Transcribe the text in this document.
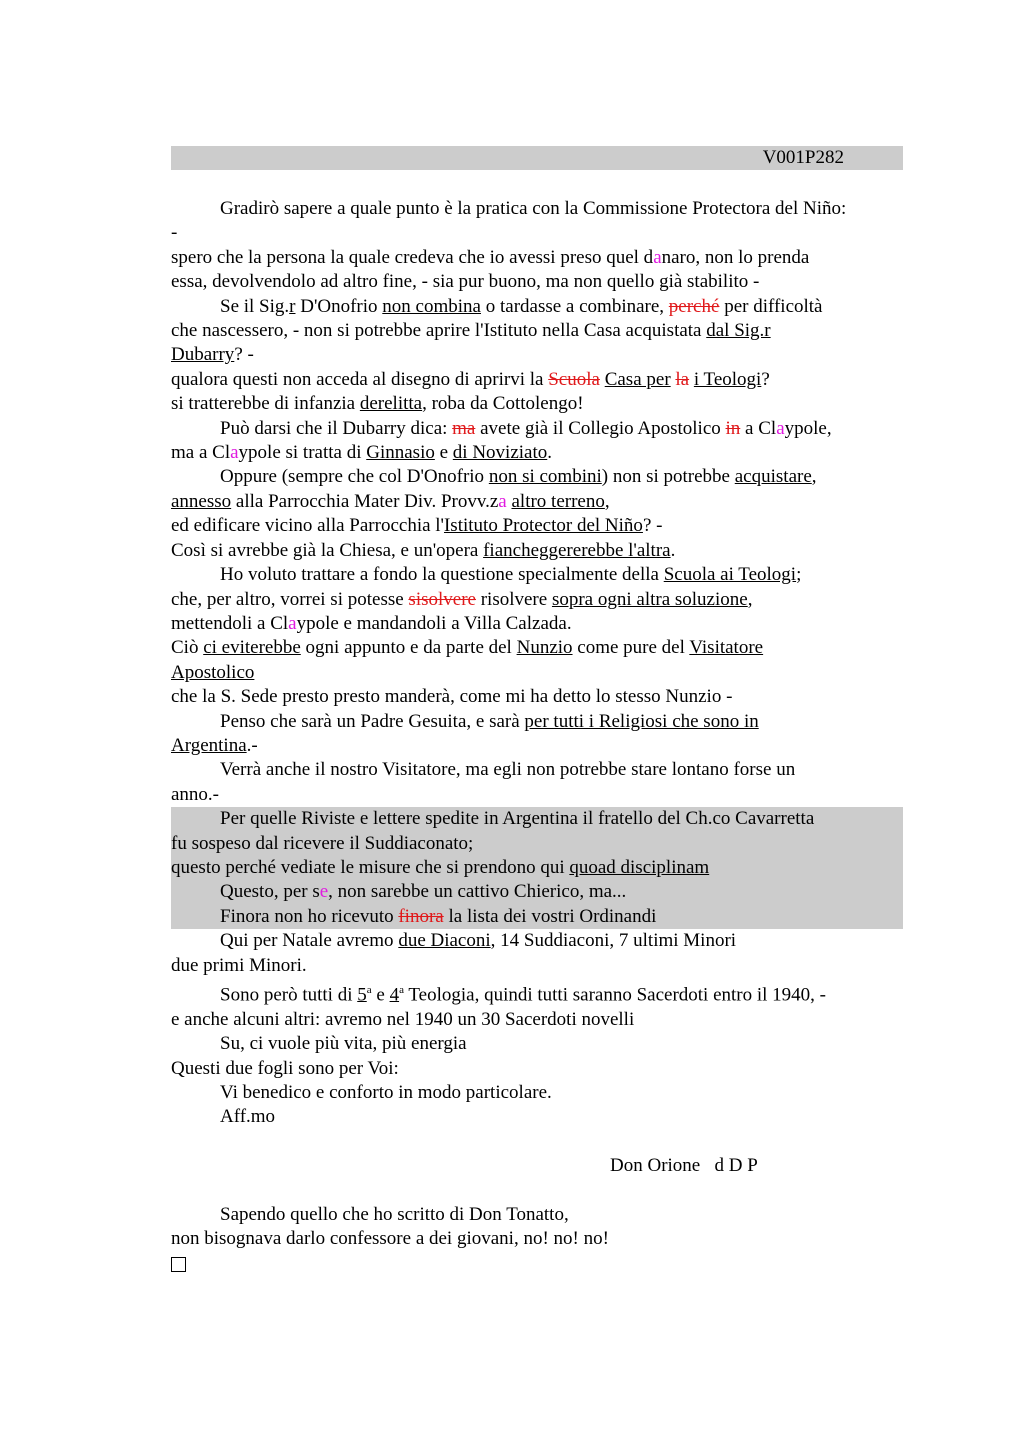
V001P282

Gradirò sapere a quale punto è la pratica con la Commissione Protectora del Niño:

-

spero che la persona la quale credeva che io avessi preso quel danaro, non lo prenda

essa, devolvendolo ad altro fine, - sia pur buono, ma non quello già stabilito -

Se il Sig.r D'Onofrio non combina o tardasse a combinare, perché per difficoltà

che nascessero, - non si potrebbe aprire l'Istituto nella Casa acquistata dal Sig.r

Dubarry? -

qualora questi non acceda al disegno di aprirvi la Scuola Casa per la i Teologi?

si tratterebbe di infanzia derelitta, roba da Cottolengo!

Può darsi che il Dubarry dica: ma avete già il Collegio Apostolico in a Claypole,

ma a Claypole si tratta di Ginnasio e di Noviziato.

Oppure (sempre che col D'Onofrio non si combini) non si potrebbe acquistare,

annesso alla Parrocchia Mater Div. Provv.za altro terreno,

ed edificare vicino alla Parrocchia l'Istituto Protector del Niño? -

Così si avrebbe già la Chiesa, e un'opera fiancheggererebbe l'altra.

Ho voluto trattare a fondo la questione specialmente della Scuola ai Teologi;

che, per altro, vorrei si potesse sisolvere risolvere sopra ogni altra soluzione,

mettendoli a Claypole e mandandoli a Villa Calzada.

Ciò ci eviterebbe ogni appunto e da parte del Nunzio come pure del Visitatore

Apostolico

che la S. Sede presto presto manderà, come mi ha detto lo stesso Nunzio -

Penso che sarà un Padre Gesuita, e sarà per tutti i Religiosi che sono in

Argentina.-

Verrà anche il nostro Visitatore, ma egli non potrebbe stare lontano forse un

anno.-

Per quelle Riviste e lettere spedite in Argentina il fratello del Ch.co Cavarretta

fu sospeso dal ricevere il Suddiaconato;

questo perché vediate le misure che si prendono qui quoad disciplinam

Questo, per se, non sarebbe un cattivo Chierico, ma...

Finora non ho ricevuto finora la lista dei vostri Ordinandi

Qui per Natale avremo due Diaconi, 14 Suddiaconi, 7 ultimi Minori

due primi Minori.

Sono però tutti di 5$^a$ e 4$^a$ Teologia, quindi tutti saranno Sacerdoti entro il 1940, -

e anche alcuni altri: avremo nel 1940 un 30 Sacerdoti novelli

Su, ci vuole più vita, più energia

Questi due fogli sono per Voi:

Vi benedico e conforto in modo particolare.

Aff.mo

Don Orione   d D P

Sapendo quello che ho scritto di Don Tonatto,

non bisognava darlo confessore a dei giovani, no! no! no!
